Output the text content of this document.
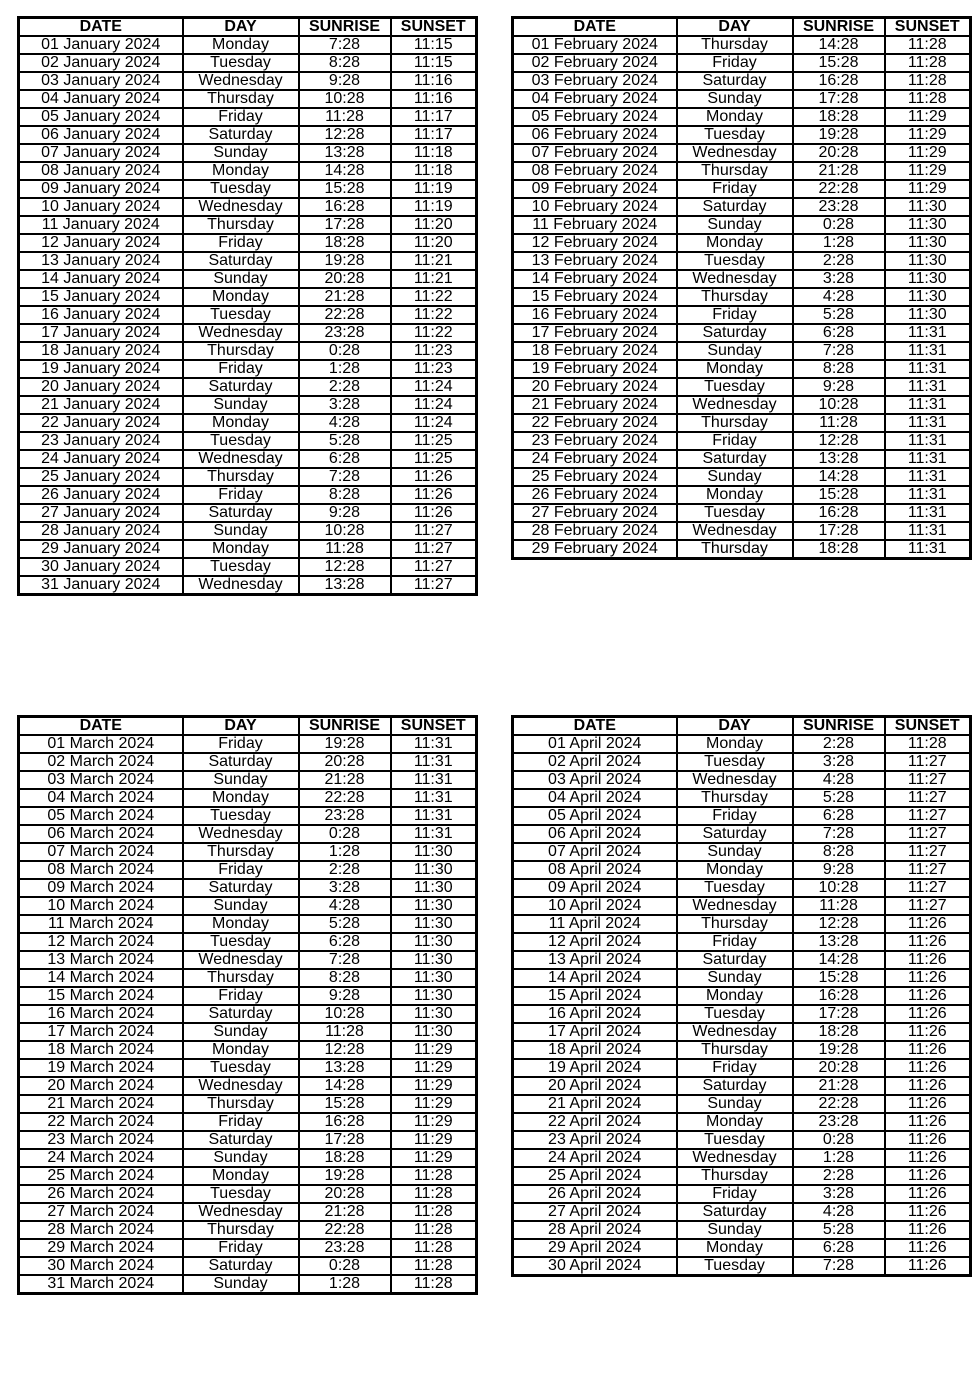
DATE	DAY	SUNRISE	SUNSET
01 January 2024	Monday	7:28	11:15
02 January 2024	Tuesday	8:28	11:15
03 January 2024	Wednesday	9:28	11:16
04 January 2024	Thursday	10:28	11:16
05 January 2024	Friday	11:28	11:17
06 January 2024	Saturday	12:28	11:17
07 January 2024	Sunday	13:28	11:18
08 January 2024	Monday	14:28	11:18
09 January 2024	Tuesday	15:28	11:19
10 January 2024	Wednesday	16:28	11:19
11 January 2024	Thursday	17:28	11:20
12 January 2024	Friday	18:28	11:20
13 January 2024	Saturday	19:28	11:21
14 January 2024	Sunday	20:28	11:21
15 January 2024	Monday	21:28	11:22
16 January 2024	Tuesday	22:28	11:22
17 January 2024	Wednesday	23:28	11:22
18 January 2024	Thursday	0:28	11:23
19 January 2024	Friday	1:28	11:23
20 January 2024	Saturday	2:28	11:24
21 January 2024	Sunday	3:28	11:24
22 January 2024	Monday	4:28	11:24
23 January 2024	Tuesday	5:28	11:25
24 January 2024	Wednesday	6:28	11:25
25 January 2024	Thursday	7:28	11:26
26 January 2024	Friday	8:28	11:26
27 January 2024	Saturday	9:28	11:26
28 January 2024	Sunday	10:28	11:27
29 January 2024	Monday	11:28	11:27
30 January 2024	Tuesday	12:28	11:27
31 January 2024	Wednesday	13:28	11:27
DATE	DAY	SUNRISE	SUNSET
01 February 2024	Thursday	14:28	11:28
02 February 2024	Friday	15:28	11:28
03 February 2024	Saturday	16:28	11:28
04 February 2024	Sunday	17:28	11:28
05 February 2024	Monday	18:28	11:29
06 February 2024	Tuesday	19:28	11:29
07 February 2024	Wednesday	20:28	11:29
08 February 2024	Thursday	21:28	11:29
09 February 2024	Friday	22:28	11:29
10 February 2024	Saturday	23:28	11:30
11 February 2024	Sunday	0:28	11:30
12 February 2024	Monday	1:28	11:30
13 February 2024	Tuesday	2:28	11:30
14 February 2024	Wednesday	3:28	11:30
15 February 2024	Thursday	4:28	11:30
16 February 2024	Friday	5:28	11:30
17 February 2024	Saturday	6:28	11:31
18 February 2024	Sunday	7:28	11:31
19 February 2024	Monday	8:28	11:31
20 February 2024	Tuesday	9:28	11:31
21 February 2024	Wednesday	10:28	11:31
22 February 2024	Thursday	11:28	11:31
23 February 2024	Friday	12:28	11:31
24 February 2024	Saturday	13:28	11:31
25 February 2024	Sunday	14:28	11:31
26 February 2024	Monday	15:28	11:31
27 February 2024	Tuesday	16:28	11:31
28 February 2024	Wednesday	17:28	11:31
29 February 2024	Thursday	18:28	11:31
DATE	DAY	SUNRISE	SUNSET
01 March 2024	Friday	19:28	11:31
02 March 2024	Saturday	20:28	11:31
03 March 2024	Sunday	21:28	11:31
04 March 2024	Monday	22:28	11:31
05 March 2024	Tuesday	23:28	11:31
06 March 2024	Wednesday	0:28	11:31
07 March 2024	Thursday	1:28	11:30
08 March 2024	Friday	2:28	11:30
09 March 2024	Saturday	3:28	11:30
10 March 2024	Sunday	4:28	11:30
11 March 2024	Monday	5:28	11:30
12 March 2024	Tuesday	6:28	11:30
13 March 2024	Wednesday	7:28	11:30
14 March 2024	Thursday	8:28	11:30
15 March 2024	Friday	9:28	11:30
16 March 2024	Saturday	10:28	11:30
17 March 2024	Sunday	11:28	11:30
18 March 2024	Monday	12:28	11:29
19 March 2024	Tuesday	13:28	11:29
20 March 2024	Wednesday	14:28	11:29
21 March 2024	Thursday	15:28	11:29
22 March 2024	Friday	16:28	11:29
23 March 2024	Saturday	17:28	11:29
24 March 2024	Sunday	18:28	11:29
25 March 2024	Monday	19:28	11:28
26 March 2024	Tuesday	20:28	11:28
27 March 2024	Wednesday	21:28	11:28
28 March 2024	Thursday	22:28	11:28
29 March 2024	Friday	23:28	11:28
30 March 2024	Saturday	0:28	11:28
31 March 2024	Sunday	1:28	11:28
DATE	DAY	SUNRISE	SUNSET
01 April 2024	Monday	2:28	11:28
02 April 2024	Tuesday	3:28	11:27
03 April 2024	Wednesday	4:28	11:27
04 April 2024	Thursday	5:28	11:27
05 April 2024	Friday	6:28	11:27
06 April 2024	Saturday	7:28	11:27
07 April 2024	Sunday	8:28	11:27
08 April 2024	Monday	9:28	11:27
09 April 2024	Tuesday	10:28	11:27
10 April 2024	Wednesday	11:28	11:27
11 April 2024	Thursday	12:28	11:26
12 April 2024	Friday	13:28	11:26
13 April 2024	Saturday	14:28	11:26
14 April 2024	Sunday	15:28	11:26
15 April 2024	Monday	16:28	11:26
16 April 2024	Tuesday	17:28	11:26
17 April 2024	Wednesday	18:28	11:26
18 April 2024	Thursday	19:28	11:26
19 April 2024	Friday	20:28	11:26
20 April 2024	Saturday	21:28	11:26
21 April 2024	Sunday	22:28	11:26
22 April 2024	Monday	23:28	11:26
23 April 2024	Tuesday	0:28	11:26
24 April 2024	Wednesday	1:28	11:26
25 April 2024	Thursday	2:28	11:26
26 April 2024	Friday	3:28	11:26
27 April 2024	Saturday	4:28	11:26
28 April 2024	Sunday	5:28	11:26
29 April 2024	Monday	6:28	11:26
30 April 2024	Tuesday	7:28	11:26
